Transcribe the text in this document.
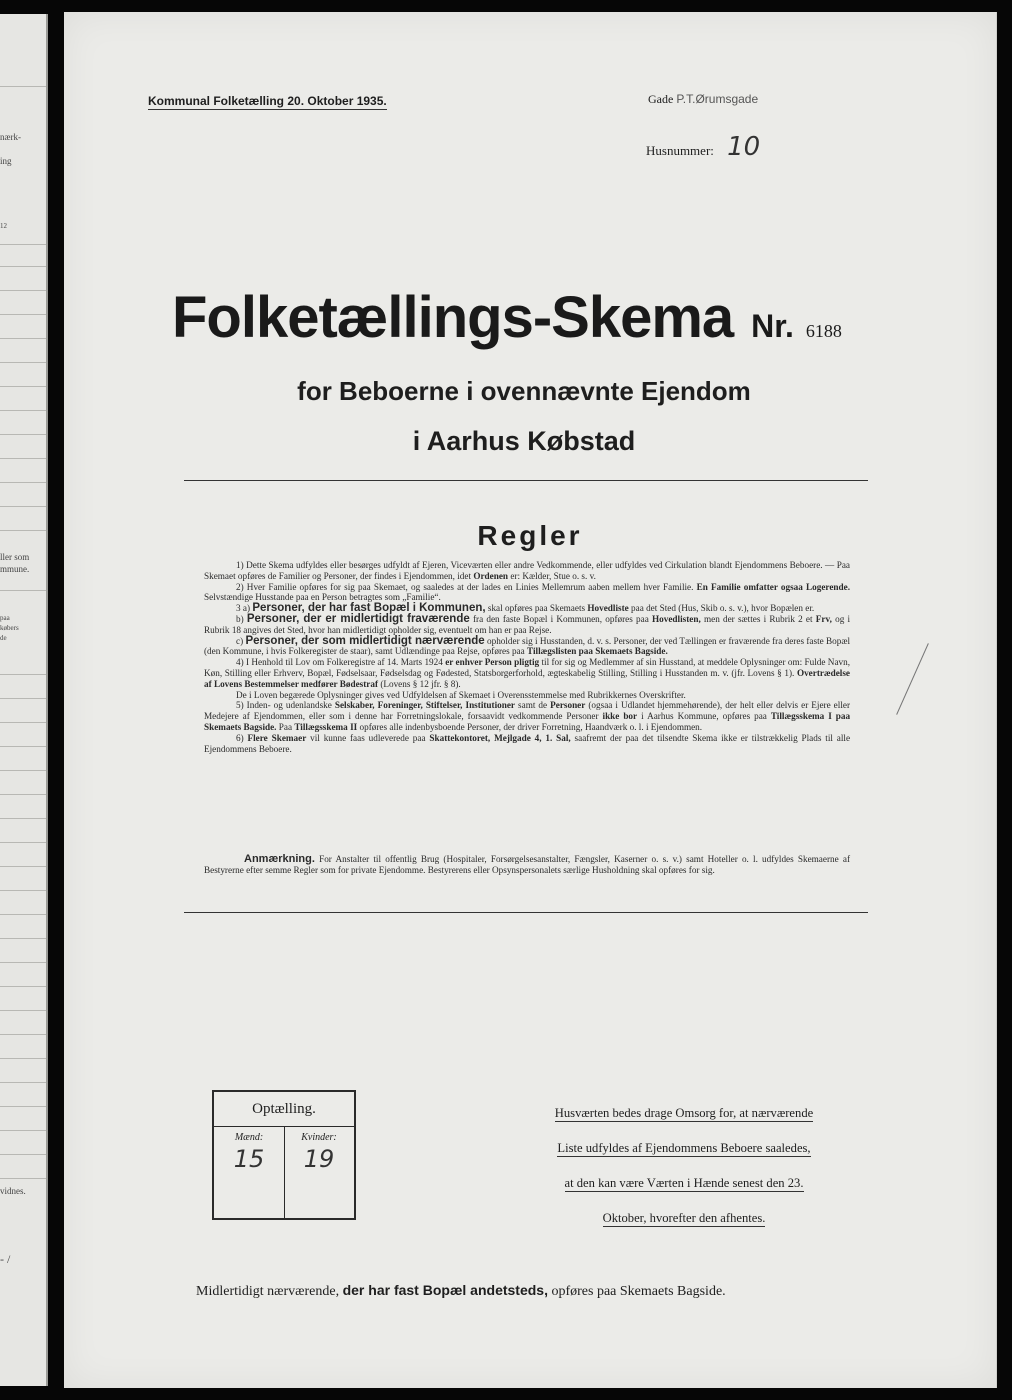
nærk-
ing
12
ller som
mmune.
paa
købers
de
vidnes.
- /
Kommunal Folketælling 20. Oktober 1935.	Gade P.T.Ørumsgade
Husnummer: 10
Folketællings-Skema Nr. 6188
for Beboerne i ovennævnte Ejendom
i Aarhus Købstad
Regler

1) Dette Skema udfyldes eller besørges udfyldt af Ejeren, Viceværten eller andre Vedkommende, eller udfyldes ved Cirkulation blandt Ejendommens Beboere. — Paa Skemaet opføres de Familier og Personer, der findes i Ejendommen, idet Ordenen er: Kælder, Stue o. s. v.

2) Hver Familie opføres for sig paa Skemaet, og saaledes at der lades en Linies Mellemrum aaben mellem hver Familie. En Familie omfatter ogsaa Logerende. Selvstændige Husstande paa en Person betragtes som „Familie“.

3 a) Personer, der har fast Bopæl i Kommunen, skal opføres paa Skemaets Hovedliste paa det Sted (Hus, Skib o. s. v.), hvor Bopælen er.

b) Personer, der er midlertidigt fraværende fra den faste Bopæl i Kommunen, opføres paa Hovedlisten, men der sættes i Rubrik 2 et Frv, og i Rubrik 18 angives det Sted, hvor han midlertidigt opholder sig, eventuelt om han er paa Rejse.

c) Personer, der som midlertidigt nærværende opholder sig i Husstanden, d. v. s. Personer, der ved Tællingen er fraværende fra deres faste Bopæl (den Kommune, i hvis Folkeregister de staar), samt Udlændinge paa Rejse, opføres paa Tillægslisten paa Skemaets Bagside.

4) I Henhold til Lov om Folkeregistre af 14. Marts 1924 er enhver Person pligtig til for sig og Medlemmer af sin Husstand, at meddele Oplysninger om: Fulde Navn, Køn, Stilling eller Erhverv, Bopæl, Fødselsaar, Fødselsdag og Fødested, Statsborgerforhold, ægteskabelig Stilling, Stilling i Husstanden m. v. (jfr. Lovens § 1). Overtrædelse af Lovens Bestemmelser medfører Bødestraf (Lovens § 12 jfr. § 8).

De i Loven begærede Oplysninger gives ved Udfyldelsen af Skemaet i Overensstemmelse med Rubrikkernes Overskrifter.

5) Inden- og udenlandske Selskaber, Foreninger, Stiftelser, Institutioner samt de Personer (ogsaa i Udlandet hjemmehørende), der helt eller delvis er Ejere eller Medejere af Ejendommen, eller som i denne har Forretningslokale, forsaavidt vedkommende Personer ikke bor i Aarhus Kommune, opføres paa Tillægsskema I paa Skemaets Bagside. Paa Tillægsskema II opføres alle indenbysboende Personer, der driver Forretning, Haandværk o. l. i Ejendommen.

6) Flere Skemaer vil kunne faas udleverede paa Skattekontoret, Mejlgade 4, 1. Sal, saafremt der paa det tilsendte Skema ikke er tilstrækkelig Plads til alle Ejendommens Beboere.

Anmærkning. For Anstalter til offentlig Brug (Hospitaler, Forsørgelsesanstalter, Fængsler, Kaserner o. s. v.) samt Hoteller o. l. udfyldes Skemaerne af Bestyrerne efter semme Regler som for private Ejendomme. Bestyrerens eller Opsynspersonalets særlige Husholdning skal opføres for sig.
Optælling.
Mænd:
15
Kvinder:
19
Husværten bedes drage Omsorg for, at nærværende
Liste udfyldes af Ejendommens Beboere saaledes,
at den kan være Værten i Hænde senest den 23.
Oktober, hvorefter den afhentes.
Midlertidigt nærværende, der har fast Bopæl andetsteds, opføres paa Skemaets Bagside.
